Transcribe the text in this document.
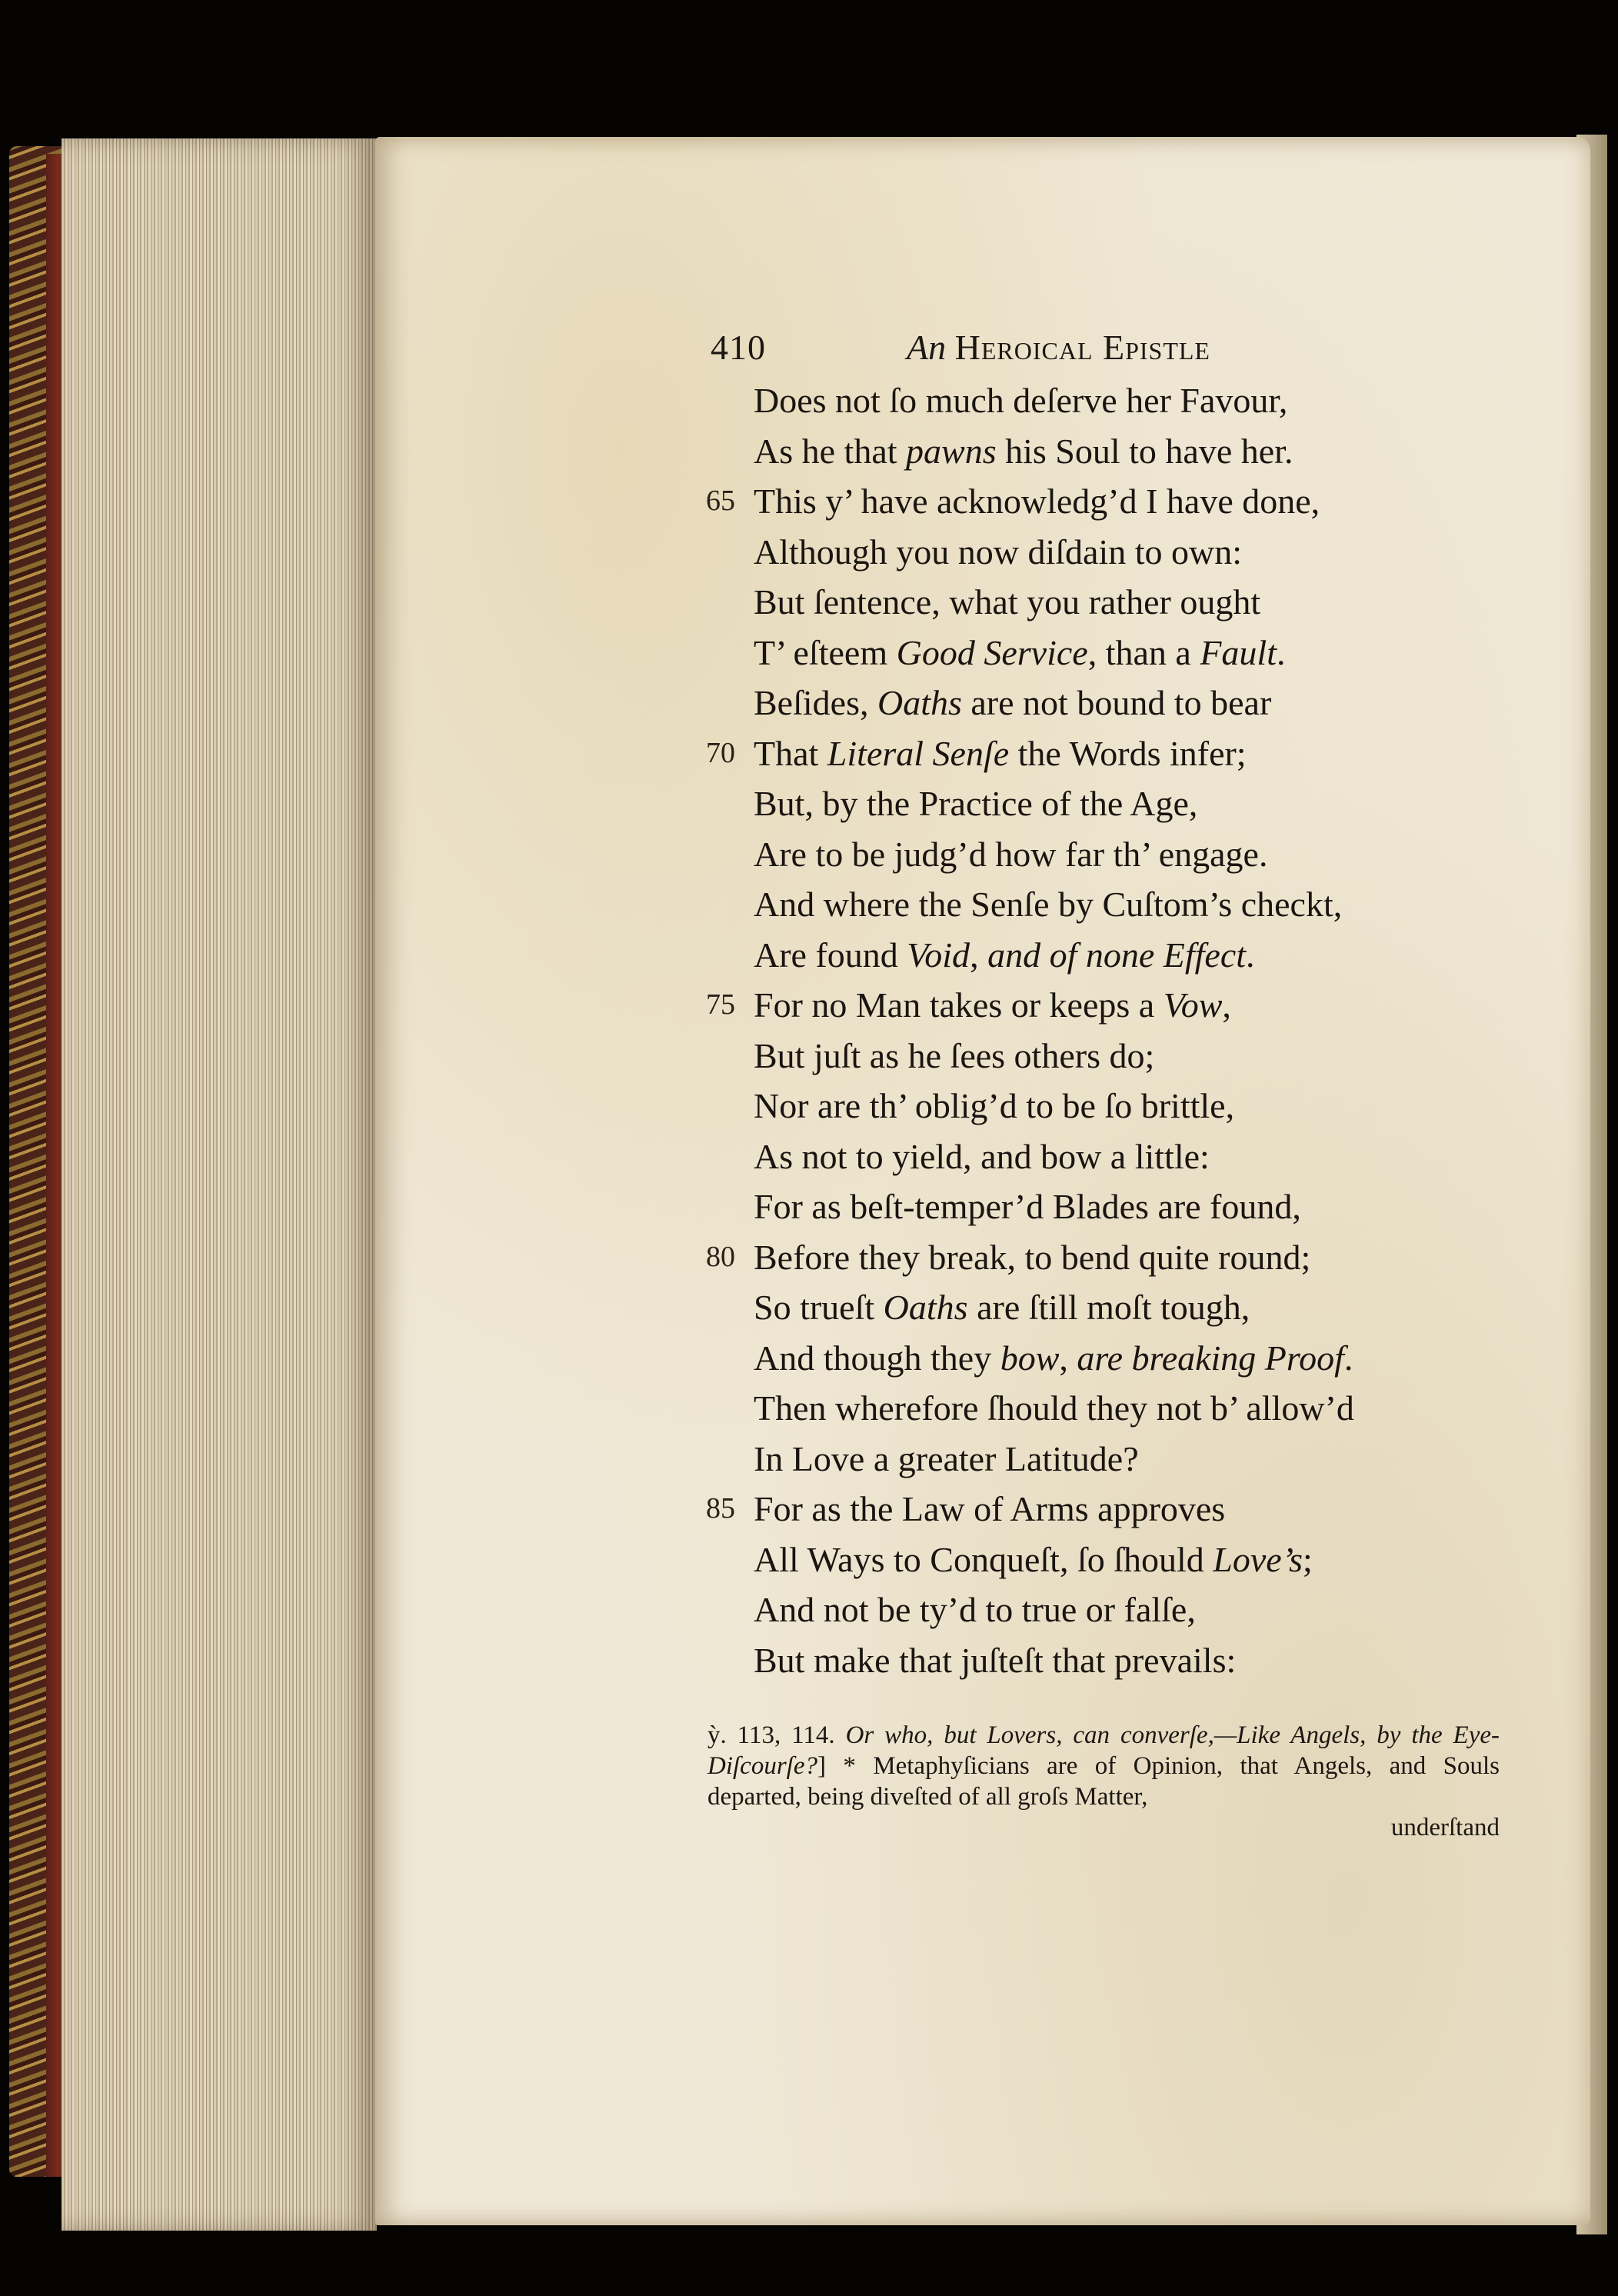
410	An Heroical Epistle
Does not ſo much deſerve her Favour,
As he that pawns his Soul to have her.
65 This y’ have acknowledg’d I have done,
Although you now diſdain to own:
But ſentence, what you rather ought
T’ eſteem Good Service, than a Fault.
Beſides, Oaths are not bound to bear
70 That Literal Senſe the Words infer;
But, by the Practice of the Age,
Are to be judg’d how far th’ engage.
And where the Senſe by Cuſtom’s checkt,
Are found Void, and of none Effect.
75 For no Man takes or keeps a Vow,
But juſt as he ſees others do;
Nor are th’ oblig’d to be ſo brittle,
As not to yield, and bow a little:
For as beſt-temper’d Blades are found,
80 Before they break, to bend quite round;
So trueſt Oaths are ſtill moſt tough,
And though they bow, are breaking Proof.
Then wherefore ſhould they not b’ allow’d
In Love a greater Latitude?
85 For as the Law of Arms approves
All Ways to Conqueſt, ſo ſhould Love’s;
And not be ty’d to true or falſe,
But make that juſteſt that prevails:
ỳ. 113, 114. Or who, but Lovers, can converſe,—Like Angels, by the Eye-Diſcourſe?] * Metaphyſicians are of Opinion, that Angels, and Souls departed, being diveſted of all groſs Matter,
underſtand
